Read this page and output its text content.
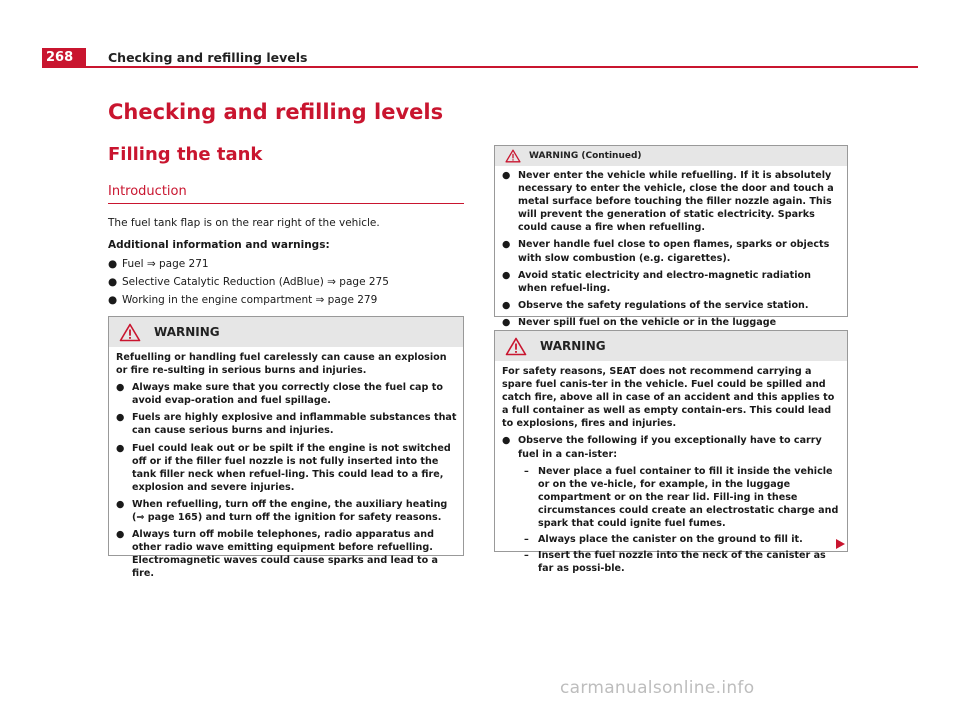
268	Checking and refilling levels
Checking and refilling levels
Filling the tank
Introduction
The fuel tank flap is on the rear right of the vehicle.
Additional information and warnings:
● Fuel ⇒ page 271
● Selective Catalytic Reduction (AdBlue) ⇒ page 275
● Working in the engine compartment ⇒ page 279
WARNING

Refuelling or handling fuel carelessly can cause an explosion or fire re-sulting in serious burns and injuries.

● Always make sure that you correctly close the fuel cap to avoid evap-oration and fuel spillage.

● Fuels are highly explosive and inflammable substances that can cause serious burns and injuries.

● Fuel could leak out or be spilt if the engine is not switched off or if the filler fuel nozzle is not fully inserted into the tank filler neck when refuel-ling. This could lead to a fire, explosion and severe injuries.

● When refuelling, turn off the engine, the auxiliary heating (⇒ page 165) and turn off the ignition for safety reasons.

● Always turn off mobile telephones, radio apparatus and other radio wave emitting equipment before refuelling. Electromagnetic waves could cause sparks and lead to a fire.

WARNING (Continued)
● Never enter the vehicle while refuelling. If it is absolutely necessary to enter the vehicle, close the door and touch a metal surface before touching the filler nozzle again. This will prevent the generation of static electricity. Sparks could cause a fire when refuelling.

● Never handle fuel close to open flames, sparks or objects with slow combustion (e.g. cigarettes).

● Avoid static electricity and electro-magnetic radiation when refuel-ling.

● Observe the safety regulations of the service station.

● Never spill fuel on the vehicle or in the luggage

WARNING

For safety reasons, SEAT does not recommend carrying a spare fuel canis-ter in the vehicle. Fuel could be spilled and catch fire, above all in case of an accident and this applies to a full container as well as empty contain-ers. This could lead to explosions, fires and injuries.

● Observe the following if you exceptionally have to carry fuel in a can-ister:

– Never place a fuel container to fill it inside the vehicle or on the ve-hicle, for example, in the luggage compartment or on the rear lid. Fill-ing in these circumstances could create an electrostatic charge and spark that could ignite fuel fumes.
– Always place the canister on the ground to fill it.
– Insert the fuel nozzle into the neck of the canister as far as possi-ble.
carmanualsonline.info
